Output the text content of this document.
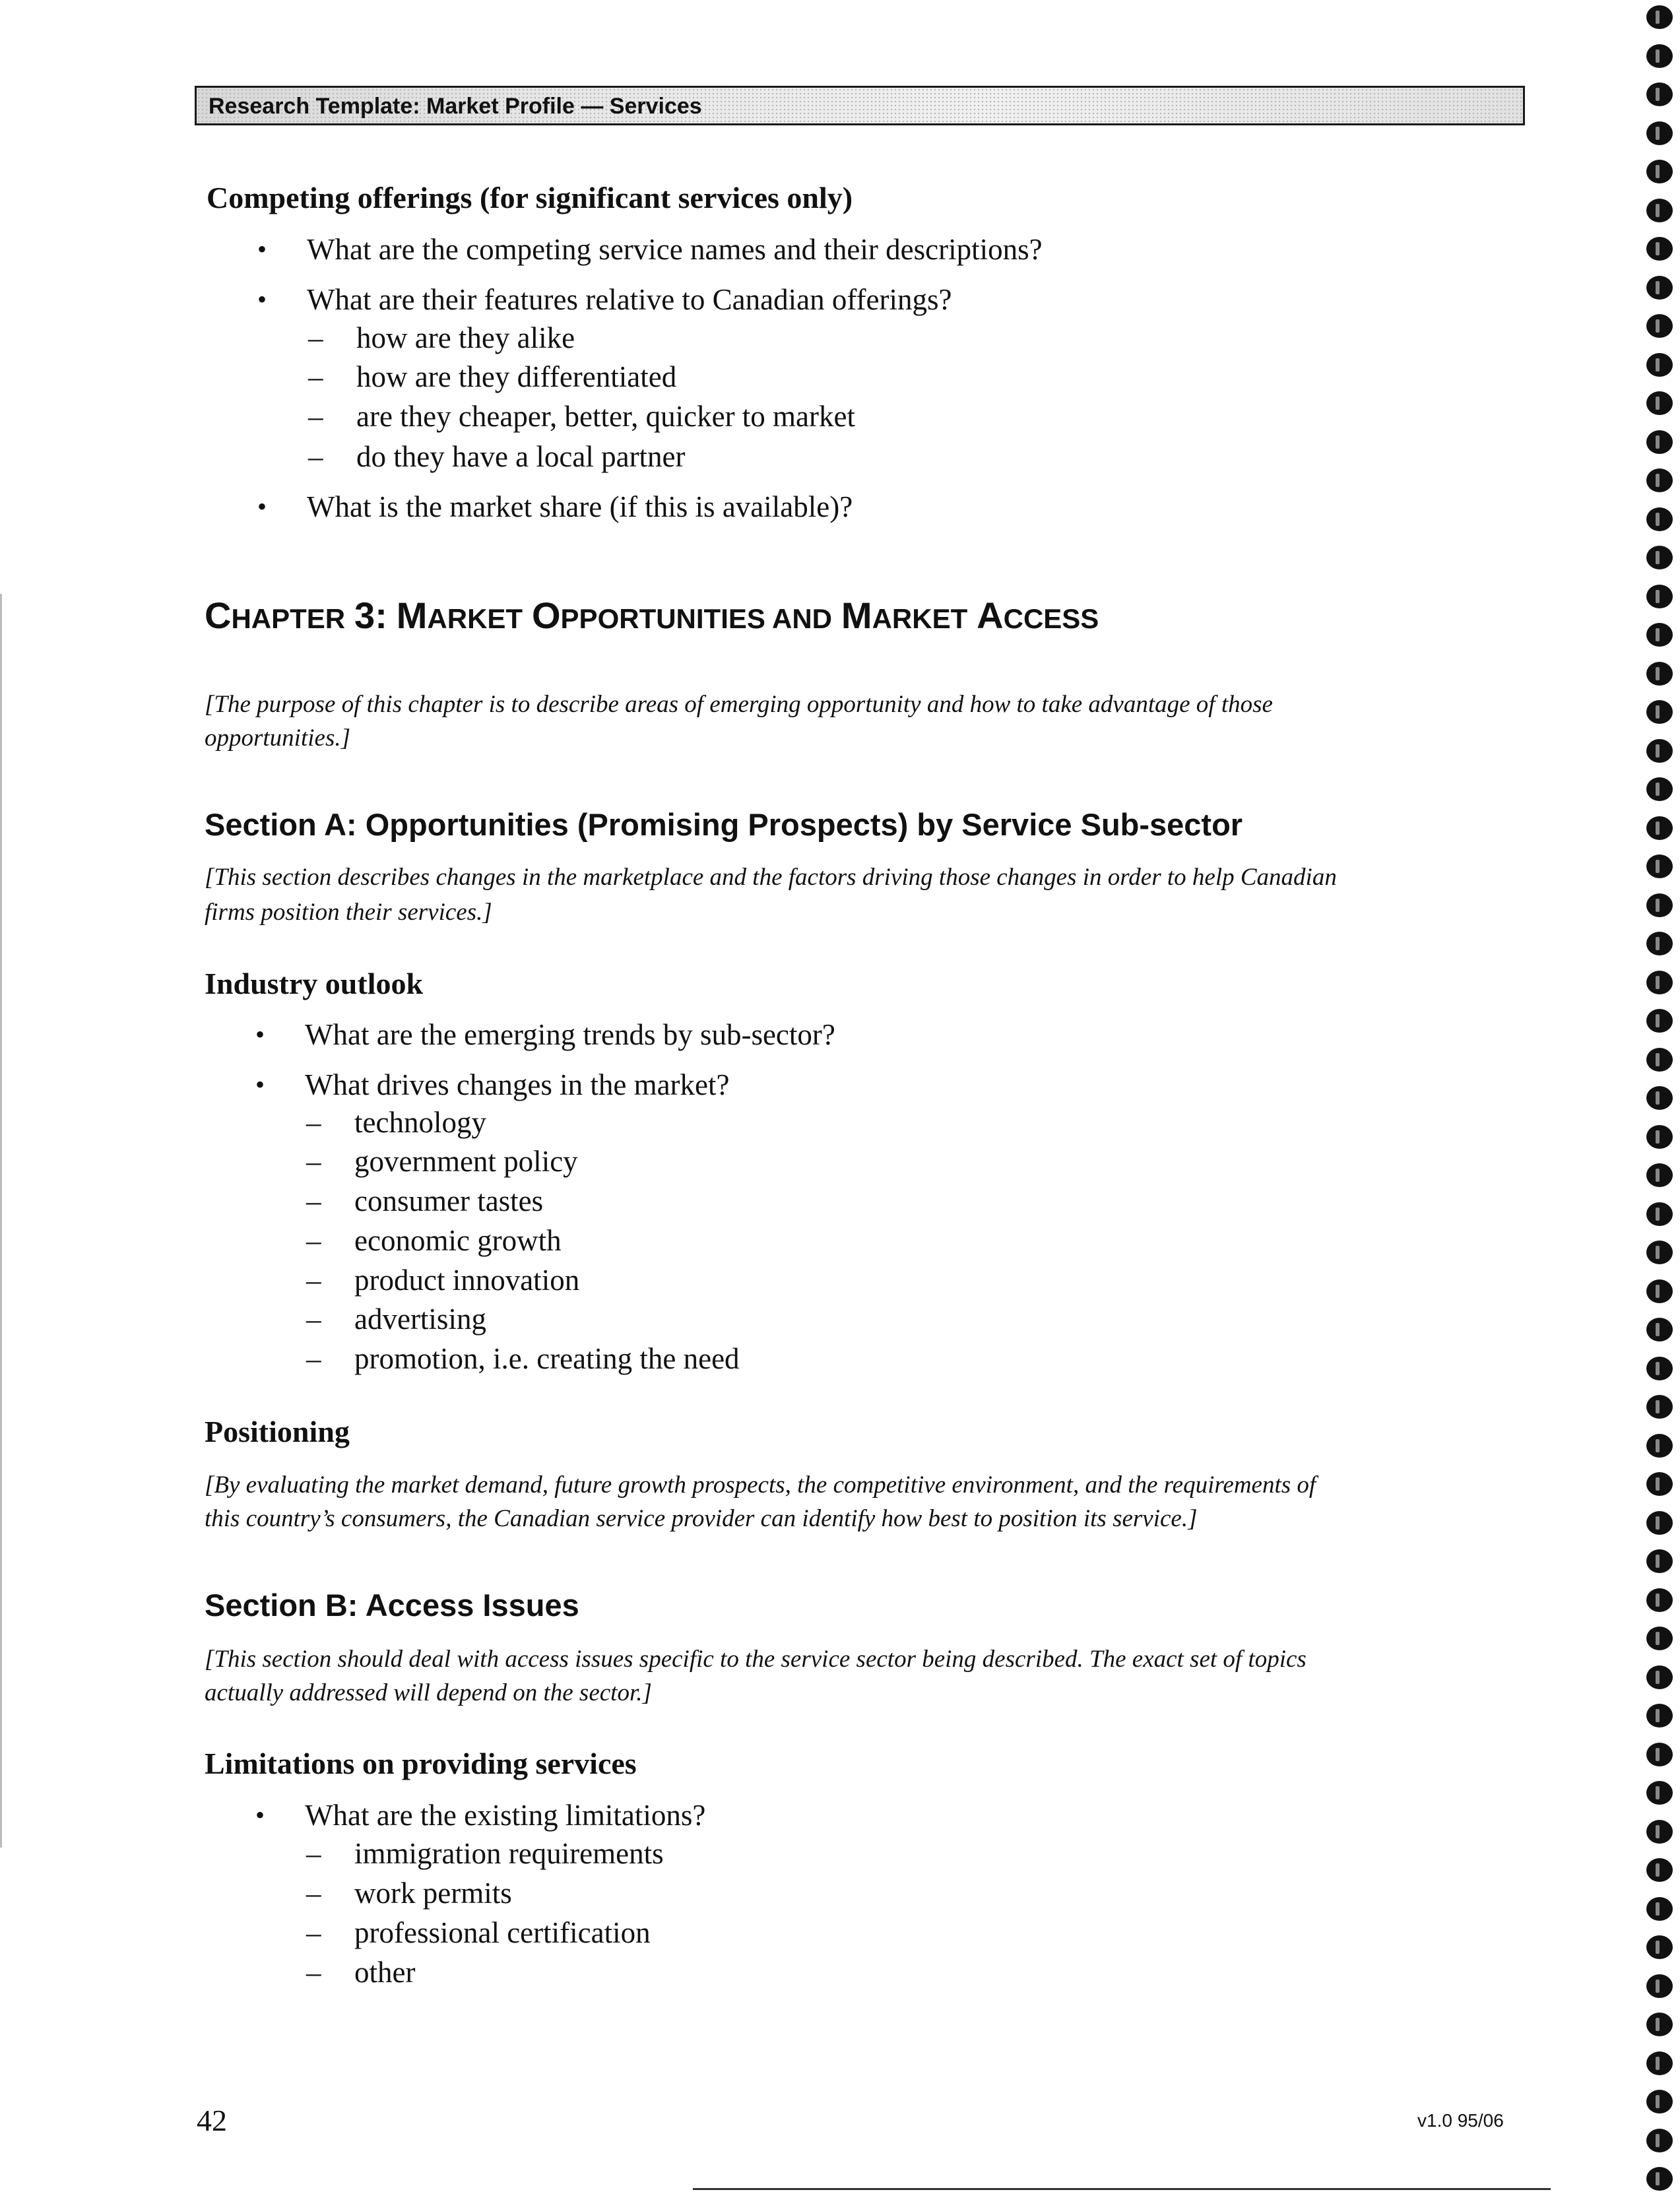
Research Template: Market Profile — Services
Competing offerings (for significant services only)
• What are the competing service names and their descriptions?
• What are their features relative to Canadian offerings?
– how are they alike
– how are they differentiated
– are they cheaper, better, quicker to market
– do they have a local partner
• What is the market share (if this is available)?
CHAPTER 3: MARKET OPPORTUNITIES AND MARKET ACCESS
[The purpose of this chapter is to describe areas of emerging opportunity and how to take advantage of those
opportunities.]
Section A: Opportunities (Promising Prospects) by Service Sub-sector
[This section describes changes in the marketplace and the factors driving those changes in order to help Canadian
firms position their services.]
Industry outlook
• What are the emerging trends by sub-sector?
• What drives changes in the market?
– technology
– government policy
– consumer tastes
– economic growth
– product innovation
– advertising
– promotion, i.e. creating the need
Positioning
[By evaluating the market demand, future growth prospects, the competitive environment, and the requirements of
this country’s consumers, the Canadian service provider can identify how best to position its service.]
Section B: Access Issues
[This section should deal with access issues specific to the service sector being described. The exact set of topics
actually addressed will depend on the sector.]
Limitations on providing services
• What are the existing limitations?
– immigration requirements
– work permits
– professional certification
– other
42	v1.0 95/06
